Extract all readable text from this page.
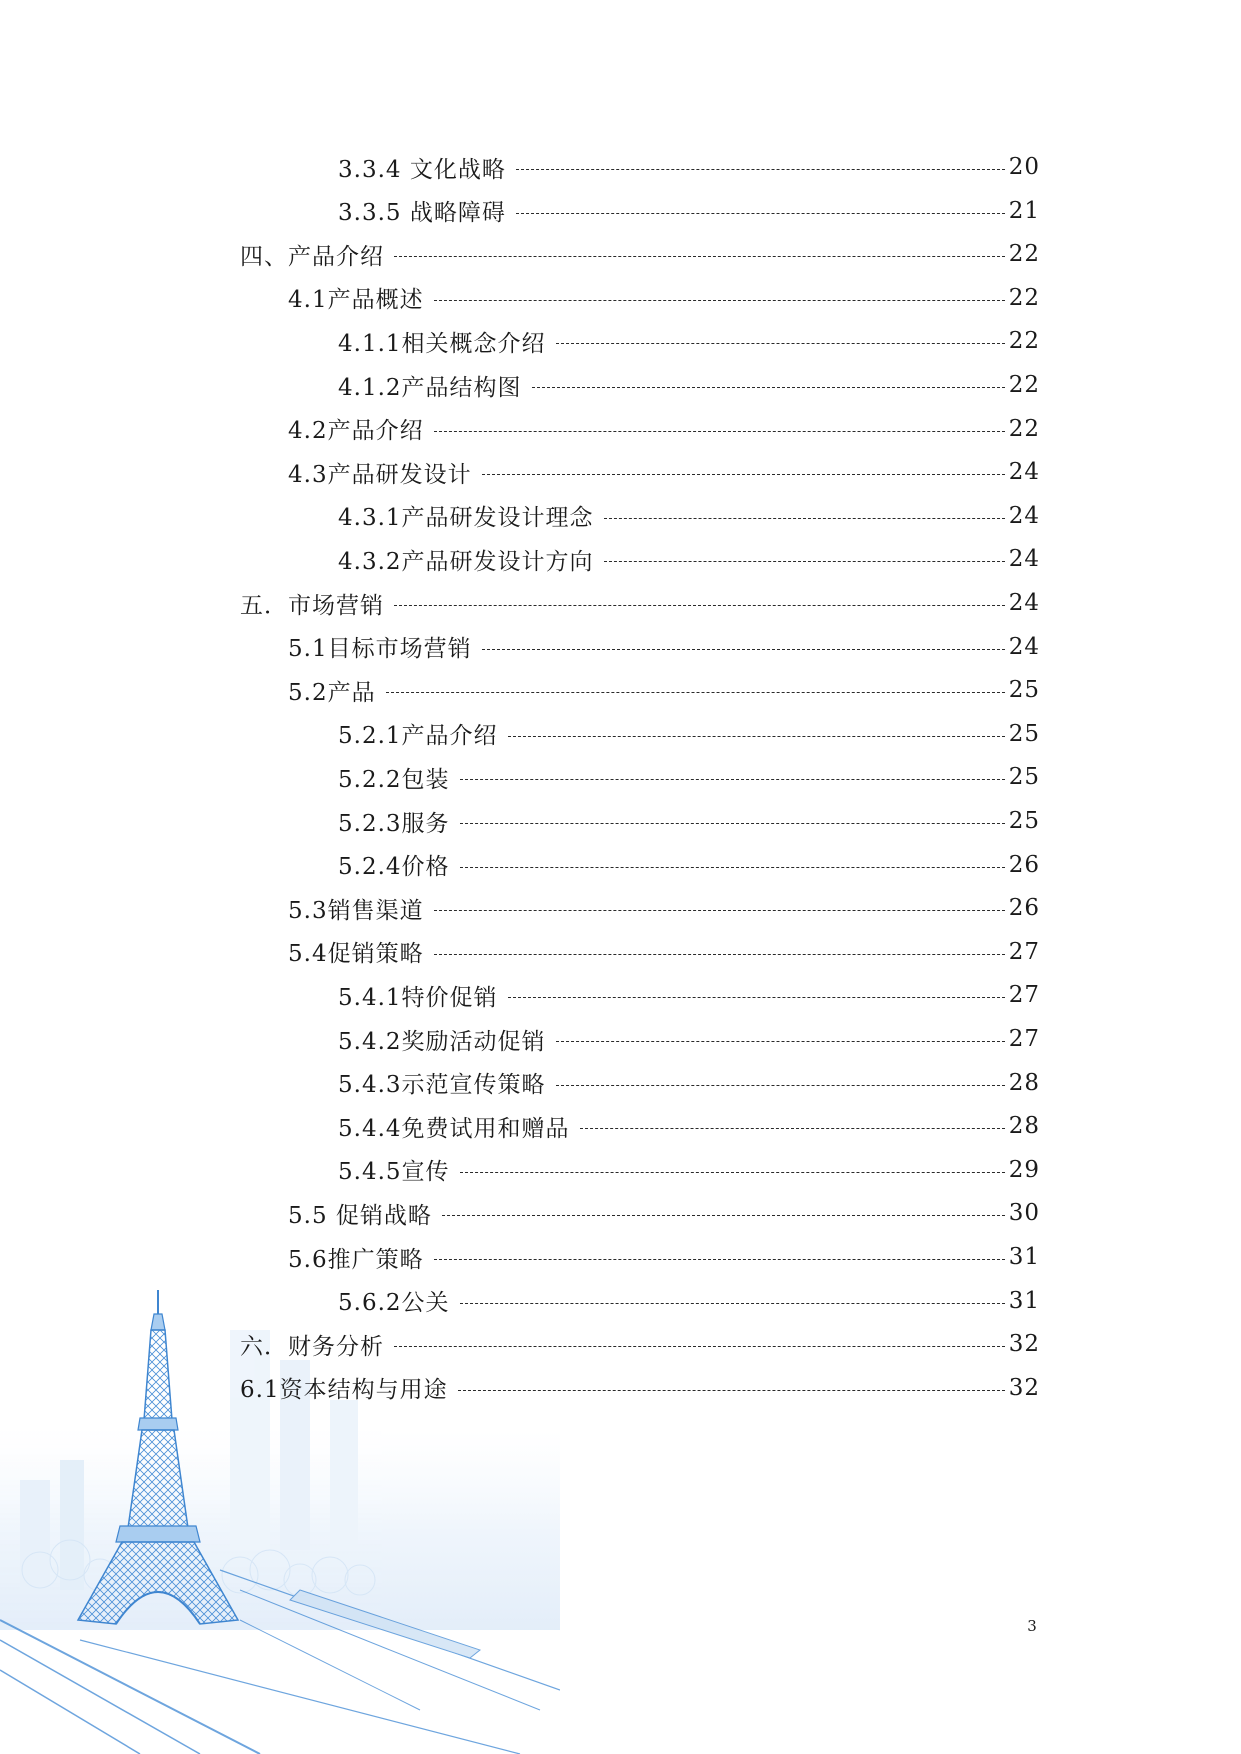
3.3.4 文化战略	20
3.3.5 战略障碍	21
四、产品介绍	22
4.1产品概述	22
4.1.1相关概念介绍	22
4.1.2产品结构图	22
4.2产品介绍	22
4.3产品研发设计	24
4.3.1产品研发设计理念	24
4.3.2产品研发设计方向	24
五．市场营销	24
5.1目标市场营销	24
5.2产品	25
5.2.1产品介绍	25
5.2.2包装	25
5.2.3服务	25
5.2.4价格	26
5.3销售渠道	26
5.4促销策略	27
5.4.1特价促销	27
5.4.2奖励活动促销	27
5.4.3示范宣传策略	28
5.4.4免费试用和赠品	28
5.4.5宣传	29
5.5 促销战略	30
5.6推广策略	31
5.6.2公关	31
六．财务分析	32
6.1资本结构与用途	32
3
